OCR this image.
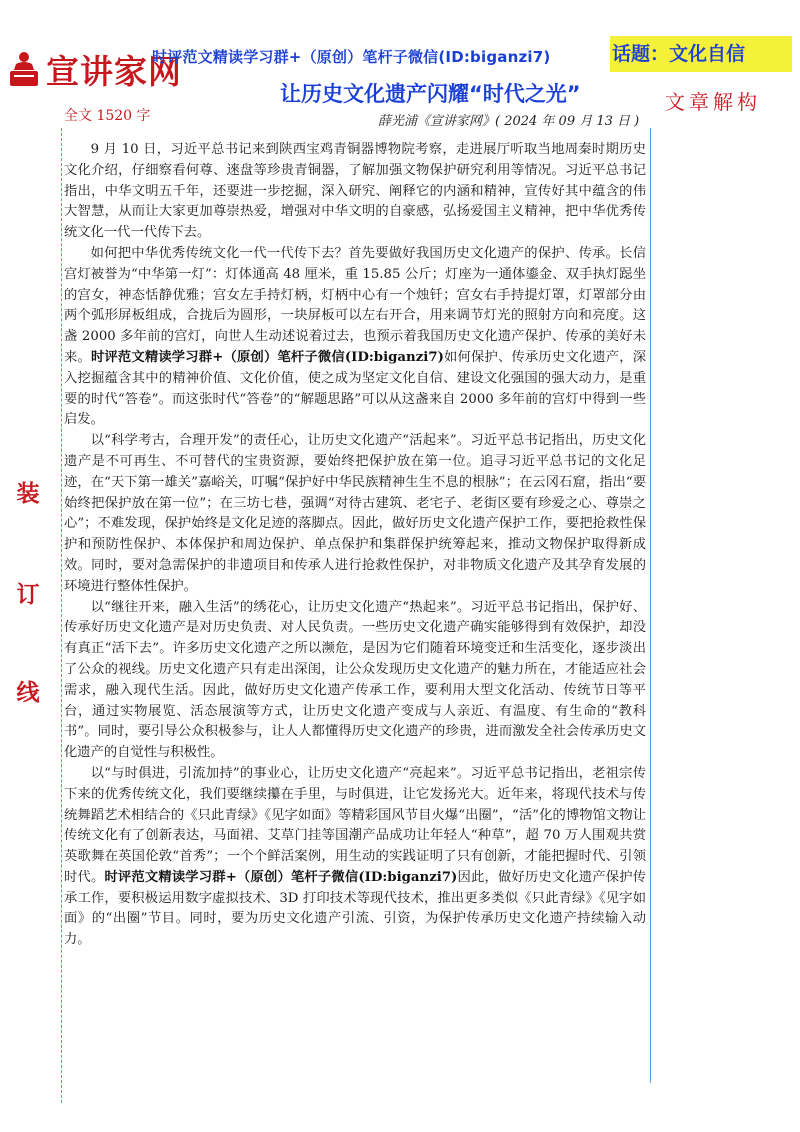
宣讲家网
时评范文精读学习群+（原创）笔杆子微信(ID:biganzi7)	话题：文化自信
让历史文化遗产闪耀“时代之光”	文章解构
全文 1520 字	薛光浦《宣讲家网》( 2024 年 09 月 13 日 )
装
订
线

9 月 10 日，习近平总书记来到陕西宝鸡青铜器博物院考察，走进展厅听取当地周秦时期历史文化介绍，仔细察看何尊、逨盘等珍贵青铜器，了解加强文物保护研究利用等情况。习近平总书记指出，中华文明五千年，还要进一步挖掘，深入研究、阐释它的内涵和精神，宣传好其中蕴含的伟大智慧，从而让大家更加尊崇热爱，增强对中华文明的自豪感，弘扬爱国主义精神，把中华优秀传统文化一代一代传下去。

如何把中华优秀传统文化一代一代传下去？首先要做好我国历史文化遗产的保护、传承。长信宫灯被誉为“中华第一灯”：灯体通高 48 厘米，重 15.85 公斤；灯座为一通体鎏金、双手执灯跽坐的宫女，神态恬静优雅；宫女左手持灯柄，灯柄中心有一个烛钎；宫女右手持提灯罩，灯罩部分由两个弧形屏板组成，合拢后为圆形，一块屏板可以左右开合，用来调节灯光的照射方向和亮度。这盏 2000 多年前的宫灯，向世人生动述说着过去，也预示着我国历史文化遗产保护、传承的美好未来。时评范文精读学习群+（原创）笔杆子微信(ID:biganzi7)如何保护、传承历史文化遗产，深入挖掘蕴含其中的精神价值、文化价值，使之成为坚定文化自信、建设文化强国的强大动力，是重要的时代“答卷”。而这张时代“答卷”的“解题思路”可以从这盏来自 2000 多年前的宫灯中得到一些启发。

以“科学考古，合理开发”的责任心，让历史文化遗产“活起来”。习近平总书记指出，历史文化遗产是不可再生、不可替代的宝贵资源，要始终把保护放在第一位。追寻习近平总书记的文化足迹，在“天下第一雄关”嘉峪关，叮嘱“保护好中华民族精神生生不息的根脉”；在云冈石窟，指出“要始终把保护放在第一位”；在三坊七巷，强调“对待古建筑、老宅子、老街区要有珍爱之心、尊崇之心”；不难发现，保护始终是文化足迹的落脚点。因此，做好历史文化遗产保护工作，要把抢救性保护和预防性保护、本体保护和周边保护、单点保护和集群保护统筹起来，推动文物保护取得新成效。同时，要对急需保护的非遗项目和传承人进行抢救性保护，对非物质文化遗产及其孕育发展的环境进行整体性保护。

以“继往开来，融入生活”的绣花心，让历史文化遗产“热起来”。习近平总书记指出，保护好、传承好历史文化遗产是对历史负责、对人民负责。一些历史文化遗产确实能够得到有效保护，却没有真正“活下去”。许多历史文化遗产之所以濒危，是因为它们随着环境变迁和生活变化，逐步淡出了公众的视线。历史文化遗产只有走出深闺，让公众发现历史文化遗产的魅力所在，才能适应社会需求，融入现代生活。因此，做好历史文化遗产传承工作，要利用大型文化活动、传统节日等平台，通过实物展览、活态展演等方式，让历史文化遗产变成与人亲近、有温度、有生命的“教科书”。同时，要引导公众积极参与，让人人都懂得历史文化遗产的珍贵，进而激发全社会传承历史文化遗产的自觉性与积极性。

以“与时俱进，引流加持”的事业心，让历史文化遗产“亮起来”。习近平总书记指出，老祖宗传下来的优秀传统文化，我们要继续攥在手里，与时俱进，让它发扬光大。近年来，将现代技术与传统舞蹈艺术相结合的《只此青绿》《见字如面》等精彩国风节目火爆“出圈”，“活”化的博物馆文物让传统文化有了创新表达，马面裙、艾草门挂等国潮产品成功让年轻人“种草”，超 70 万人围观共赏英歌舞在英国伦敦“首秀”；一个个鲜活案例，用生动的实践证明了只有创新，才能把握时代、引领时代。时评范文精读学习群+（原创）笔杆子微信(ID:biganzi7)因此，做好历史文化遗产保护传承工作，要积极运用数字虚拟技术、3D 打印技术等现代技术，推出更多类似《只此青绿》《见字如面》的“出圈”节目。同时，要为历史文化遗产引流、引资，为保护传承历史文化遗产持续输入动力。
